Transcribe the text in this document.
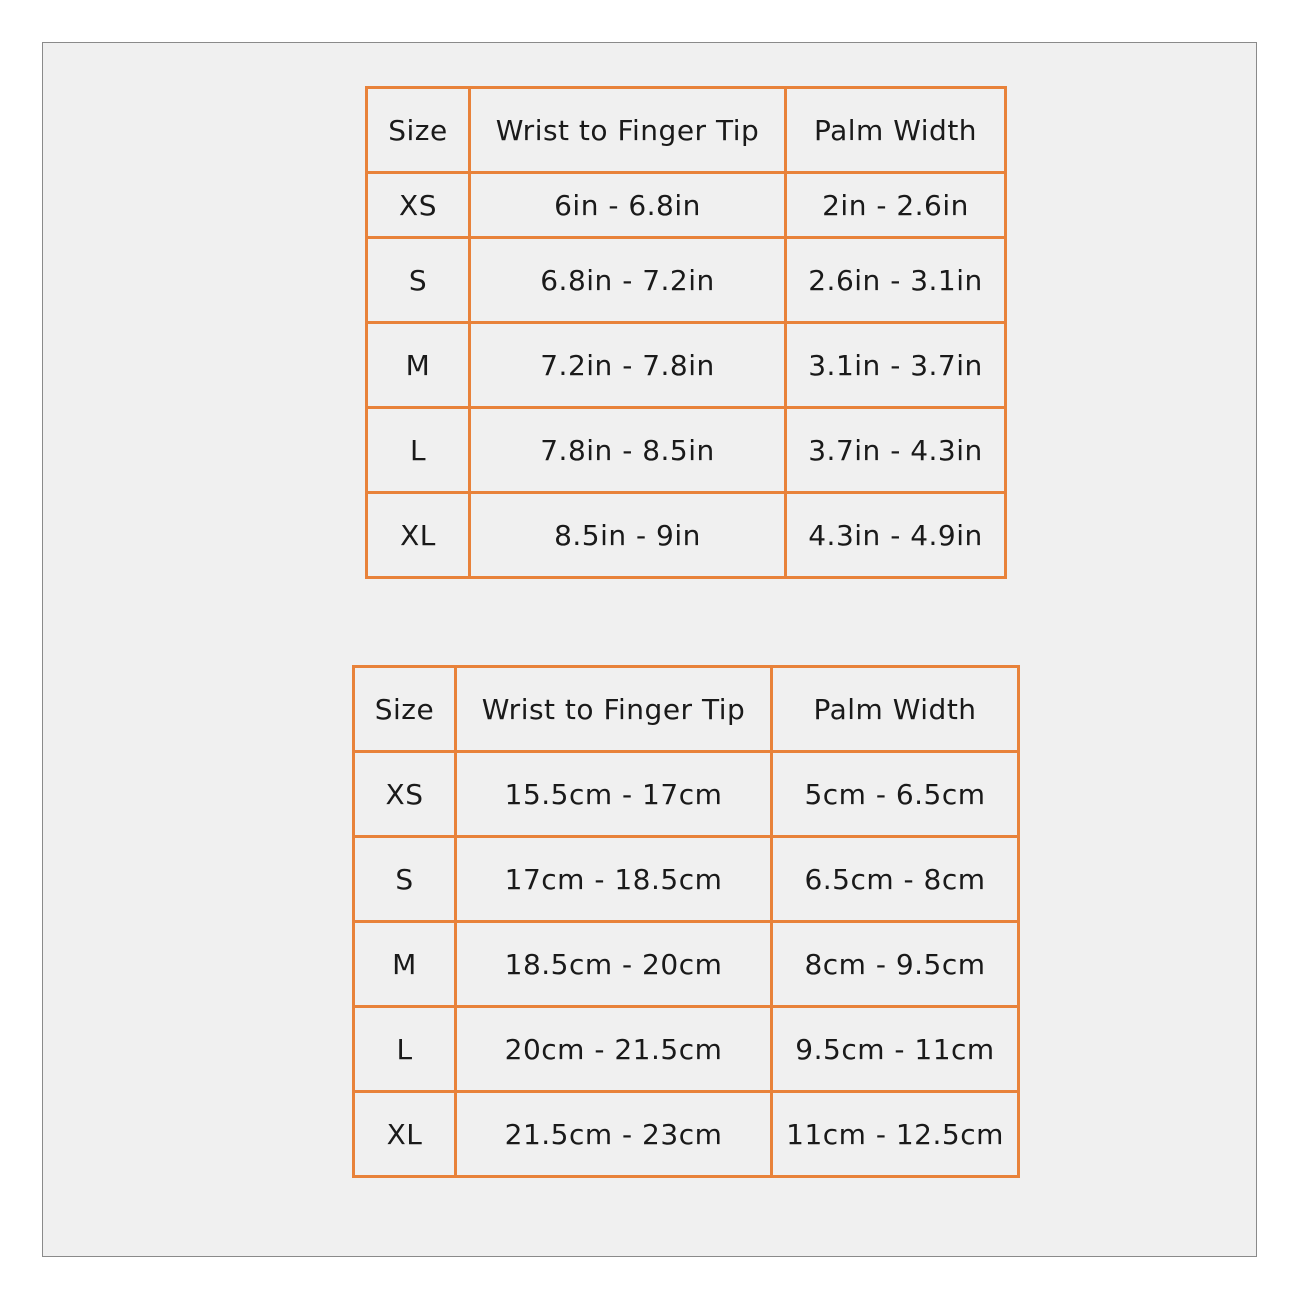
Size	Wrist to Finger Tip	Palm Width
XS	6in - 6.8in	2in - 2.6in
S	6.8in - 7.2in	2.6in - 3.1in
M	7.2in - 7.8in	3.1in - 3.7in
L	7.8in - 8.5in	3.7in - 4.3in
XL	8.5in - 9in	4.3in - 4.9in
Size	Wrist to Finger Tip	Palm Width
XS	15.5cm - 17cm	5cm - 6.5cm
S	17cm - 18.5cm	6.5cm - 8cm
M	18.5cm - 20cm	8cm - 9.5cm
L	20cm - 21.5cm	9.5cm - 11cm
XL	21.5cm - 23cm	11cm - 12.5cm
